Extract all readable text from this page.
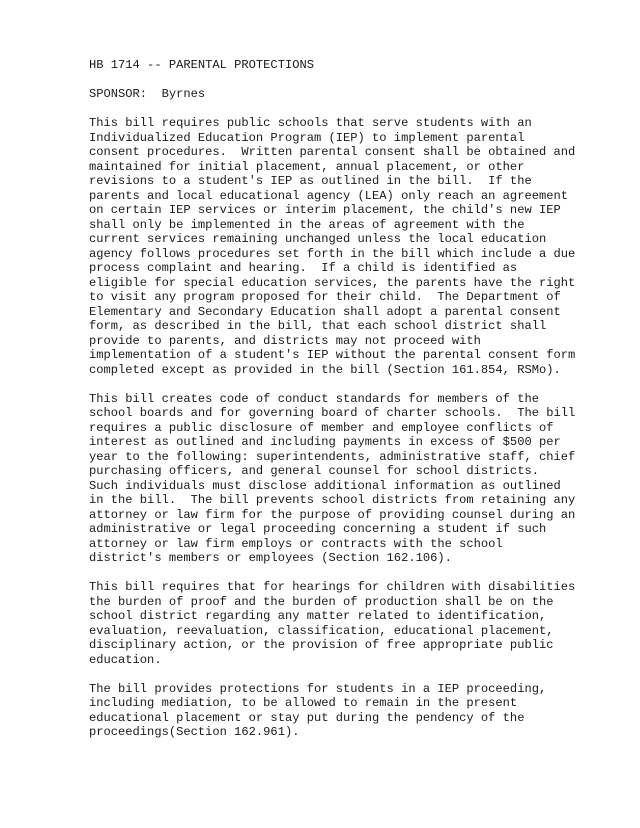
HB 1714 -- PARENTAL PROTECTIONS
SPONSOR:  Byrnes
This bill requires public schools that serve students with an
Individualized Education Program (IEP) to implement parental
consent procedures.  Written parental consent shall be obtained and
maintained for initial placement, annual placement, or other
revisions to a student's IEP as outlined in the bill.  If the
parents and local educational agency (LEA) only reach an agreement
on certain IEP services or interim placement, the child's new IEP
shall only be implemented in the areas of agreement with the
current services remaining unchanged unless the local education
agency follows procedures set forth in the bill which include a due
process complaint and hearing.  If a child is identified as
eligible for special education services, the parents have the right
to visit any program proposed for their child.  The Department of
Elementary and Secondary Education shall adopt a parental consent
form, as described in the bill, that each school district shall
provide to parents, and districts may not proceed with
implementation of a student's IEP without the parental consent form
completed except as provided in the bill (Section 161.854, RSMo).
This bill creates code of conduct standards for members of the
school boards and for governing board of charter schools.  The bill
requires a public disclosure of member and employee conflicts of
interest as outlined and including payments in excess of $500 per
year to the following: superintendents, administrative staff, chief
purchasing officers, and general counsel for school districts.
Such individuals must disclose additional information as outlined
in the bill.  The bill prevents school districts from retaining any
attorney or law firm for the purpose of providing counsel during an
administrative or legal proceeding concerning a student if such
attorney or law firm employs or contracts with the school
district's members or employees (Section 162.106).
This bill requires that for hearings for children with disabilities
the burden of proof and the burden of production shall be on the
school district regarding any matter related to identification,
evaluation, reevaluation, classification, educational placement,
disciplinary action, or the provision of free appropriate public
education.
The bill provides protections for students in a IEP proceeding,
including mediation, to be allowed to remain in the present
educational placement or stay put during the pendency of the
proceedings(Section 162.961).
